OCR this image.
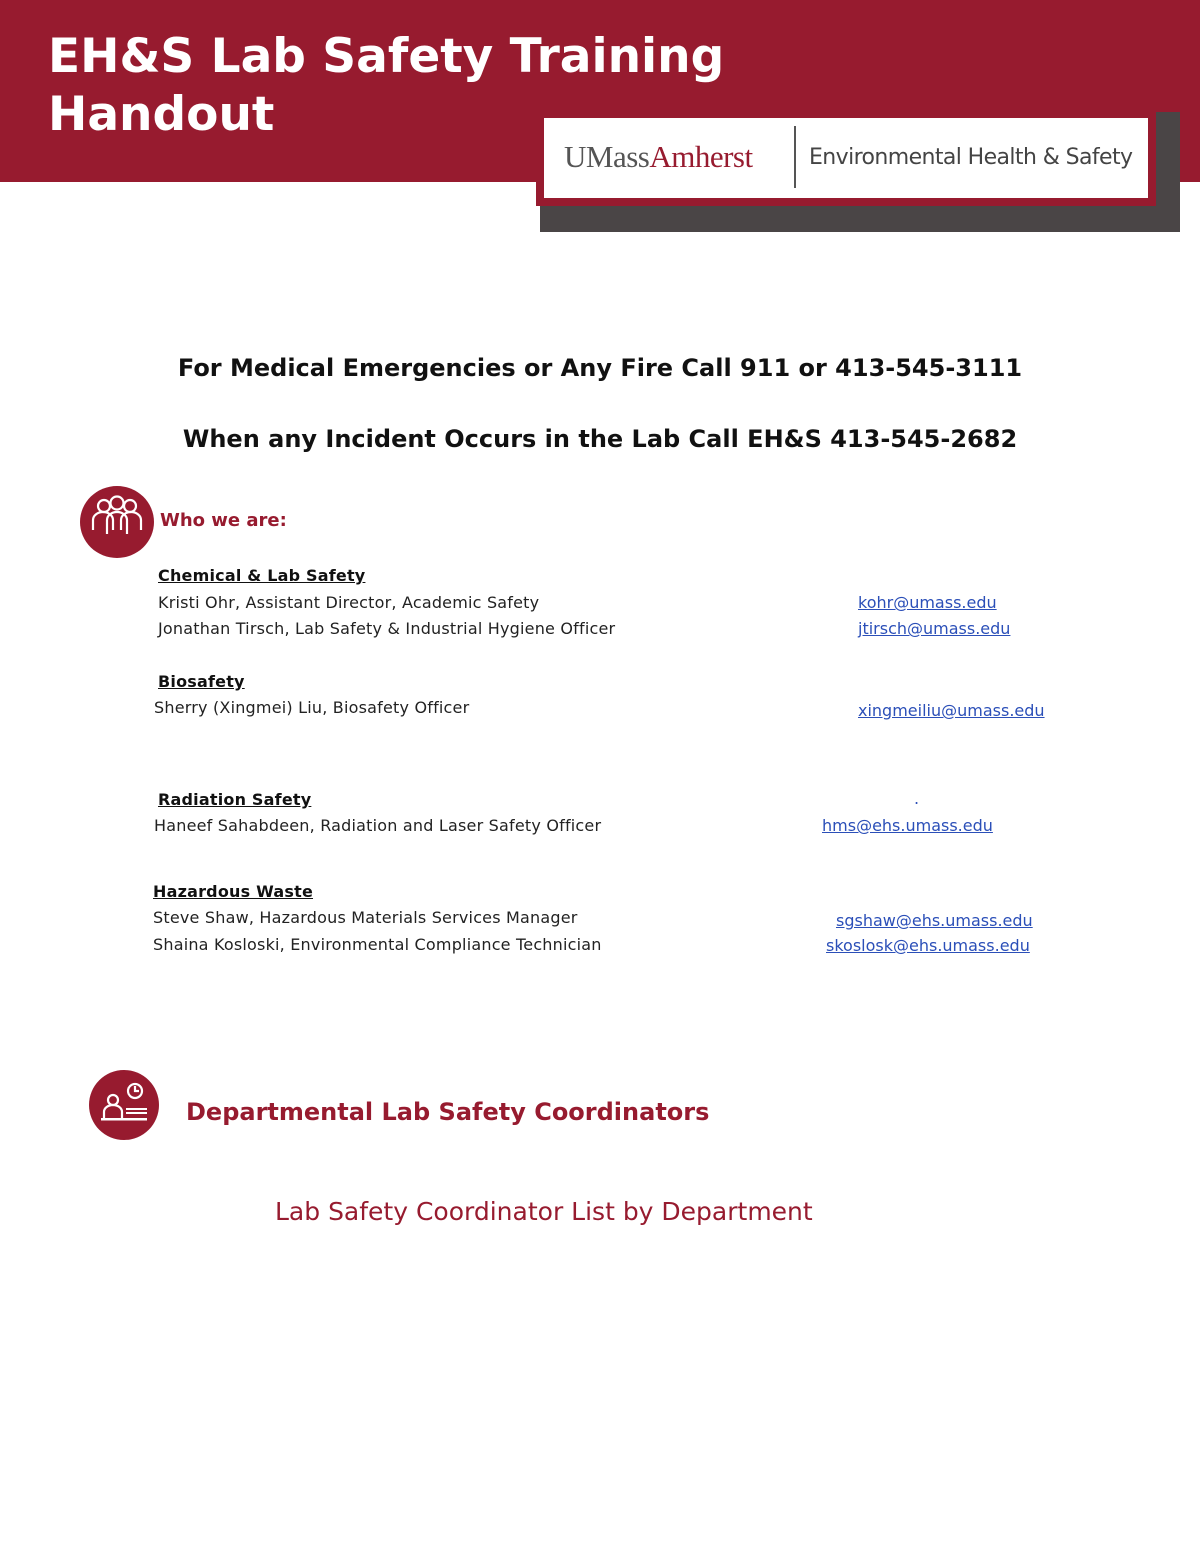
EH&S Lab Safety Training
Handout
UMassAmherst	Environmental Health & Safety

For Medical Emergencies or Any Fire Call 911 or 413-545-3111

When any Incident Occurs in the Lab Call EH&S 413-545-2682

Who we are:
Chemical & Lab Safety
Kristi Ohr, Assistant Director, Academic Safety	kohr@umass.edu
Jonathan Tirsch, Lab Safety & Industrial Hygiene Officer	jtirsch@umass.edu
Biosafety
Sherry (Xingmei) Liu, Biosafety Officer	xingmeiliu@umass.edu
.
Radiation Safety
Haneef Sahabdeen, Radiation and Laser Safety Officer	hms@ehs.umass.edu
Hazardous Waste
Steve Shaw, Hazardous Materials Services Manager	sgshaw@ehs.umass.edu
Shaina Kosloski, Environmental Compliance Technician	skoslosk@ehs.umass.edu
Departmental Lab Safety Coordinators
Lab Safety Coordinator List by Department
